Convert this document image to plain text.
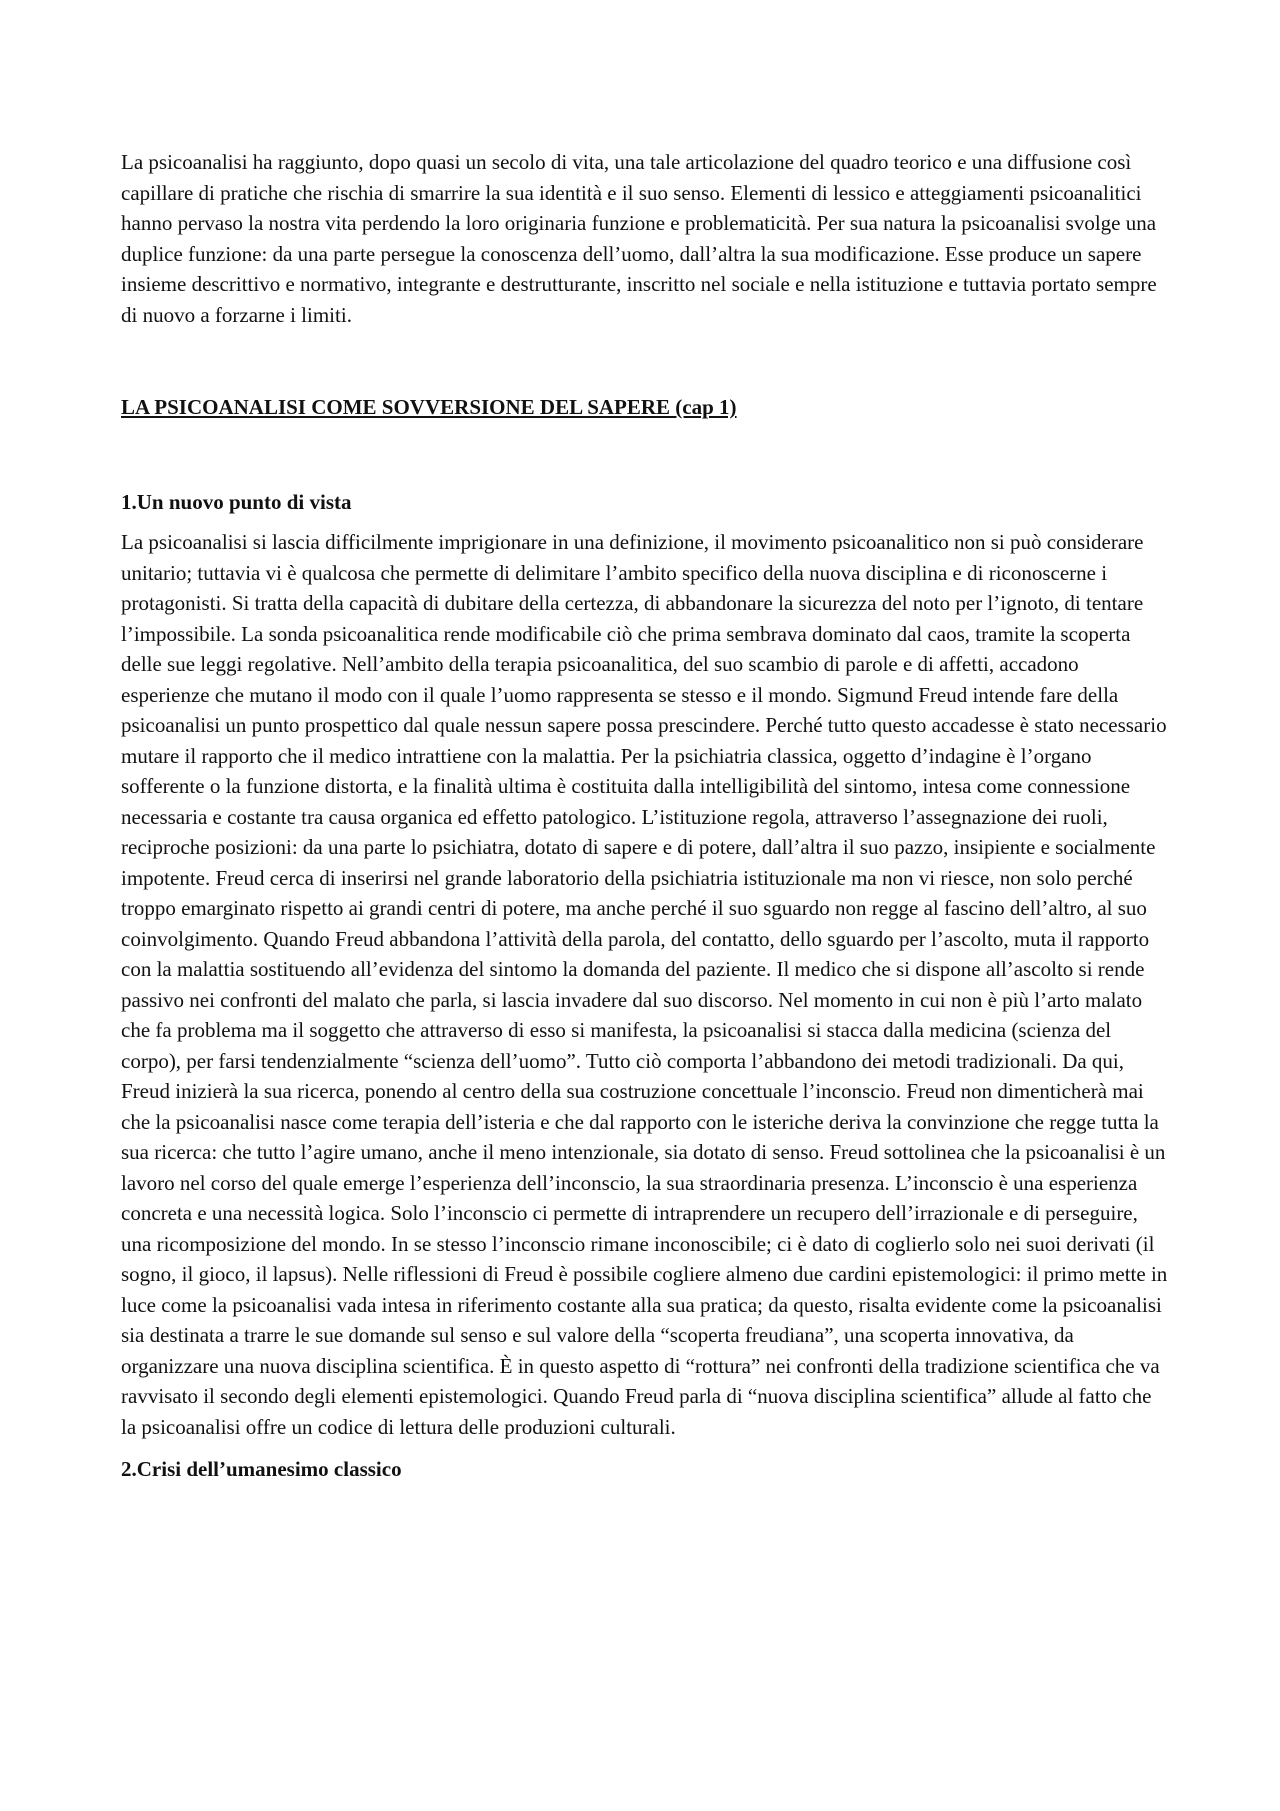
La psicoanalisi ha raggiunto, dopo quasi un secolo di vita, una tale articolazione del quadro teorico e una diffusione così capillare di pratiche che rischia di smarrire la sua identità e il suo senso. Elementi di lessico e atteggiamenti psicoanalitici hanno pervaso la nostra vita perdendo la loro originaria funzione e problematicità. Per sua natura la psicoanalisi svolge una duplice funzione: da una parte persegue la conoscenza dell’uomo, dall’altra la sua modificazione. Esse produce un sapere insieme descrittivo e normativo, integrante e destrutturante, inscritto nel sociale e nella istituzione e tuttavia portato sempre di nuovo a forzarne i limiti.

LA PSICOANALISI COME SOVVERSIONE DEL SAPERE (cap 1)

1.Un nuovo punto di vista

La psicoanalisi si lascia difficilmente imprigionare in una definizione, il movimento psicoanalitico non si può considerare unitario; tuttavia vi è qualcosa che permette di delimitare l’ambito specifico della nuova disciplina e di riconoscerne i protagonisti. Si tratta della capacità di dubitare della certezza, di abbandonare la sicurezza del noto per l’ignoto, di tentare l’impossibile. La sonda psicoanalitica rende modificabile ciò che prima sembrava dominato dal caos, tramite la scoperta delle sue leggi regolative. Nell’ambito della terapia psicoanalitica, del suo scambio di parole e di affetti, accadono esperienze che mutano il modo con il quale l’uomo rappresenta se stesso e il mondo. Sigmund Freud intende fare della psicoanalisi un punto prospettico dal quale nessun sapere possa prescindere. Perché tutto questo accadesse è stato necessario mutare il rapporto che il medico intrattiene con la malattia. Per la psichiatria classica, oggetto d’indagine è l’organo sofferente o la funzione distorta, e la finalità ultima è costituita dalla intelligibilità del sintomo, intesa come connessione necessaria e costante tra causa organica ed effetto patologico. L’istituzione regola, attraverso l’assegnazione dei ruoli, reciproche posizioni: da una parte lo psichiatra, dotato di sapere e di potere, dall’altra il suo pazzo, insipiente e socialmente impotente. Freud cerca di inserirsi nel grande laboratorio della psichiatria istituzionale ma non vi riesce, non solo perché troppo emarginato rispetto ai grandi centri di potere, ma anche perché il suo sguardo non regge al fascino dell’altro, al suo coinvolgimento. Quando Freud abbandona l’attività della parola, del contatto, dello sguardo per l’ascolto, muta il rapporto con la malattia sostituendo all’evidenza del sintomo la domanda del paziente. Il medico che si dispone all’ascolto si rende passivo nei confronti del malato che parla, si lascia invadere dal suo discorso. Nel momento in cui non è più l’arto malato che fa problema ma il soggetto che attraverso di esso si manifesta, la psicoanalisi si stacca dalla medicina (scienza del corpo), per farsi tendenzialmente “scienza dell’uomo”. Tutto ciò comporta l’abbandono dei metodi tradizionali. Da qui, Freud inizierà la sua ricerca, ponendo al centro della sua costruzione concettuale l’inconscio. Freud non dimenticherà mai che la psicoanalisi nasce come terapia dell’isteria e che dal rapporto con le isteriche deriva la convinzione che regge tutta la sua ricerca: che tutto l’agire umano, anche il meno intenzionale, sia dotato di senso. Freud sottolinea che la psicoanalisi è un lavoro nel corso del quale emerge l’esperienza dell’inconscio, la sua straordinaria presenza. L’inconscio è una esperienza concreta e una necessità logica. Solo l’inconscio ci permette di intraprendere un recupero dell’irrazionale e di perseguire, una ricomposizione del mondo. In se stesso l’inconscio rimane inconoscibile; ci è dato di coglierlo solo nei suoi derivati (il sogno, il gioco, il lapsus). Nelle riflessioni di Freud è possibile cogliere almeno due cardini epistemologici: il primo mette in luce come la psicoanalisi vada intesa in riferimento costante alla sua pratica; da questo, risalta evidente come la psicoanalisi sia destinata a trarre le sue domande sul senso e sul valore della “scoperta freudiana”, una scoperta innovativa, da organizzare una nuova disciplina scientifica. È in questo aspetto di “rottura” nei confronti della tradizione scientifica che va ravvisato il secondo degli elementi epistemologici. Quando Freud parla di “nuova disciplina scientifica” allude al fatto che la psicoanalisi offre un codice di lettura delle produzioni culturali.

2.Crisi dell’umanesimo classico
